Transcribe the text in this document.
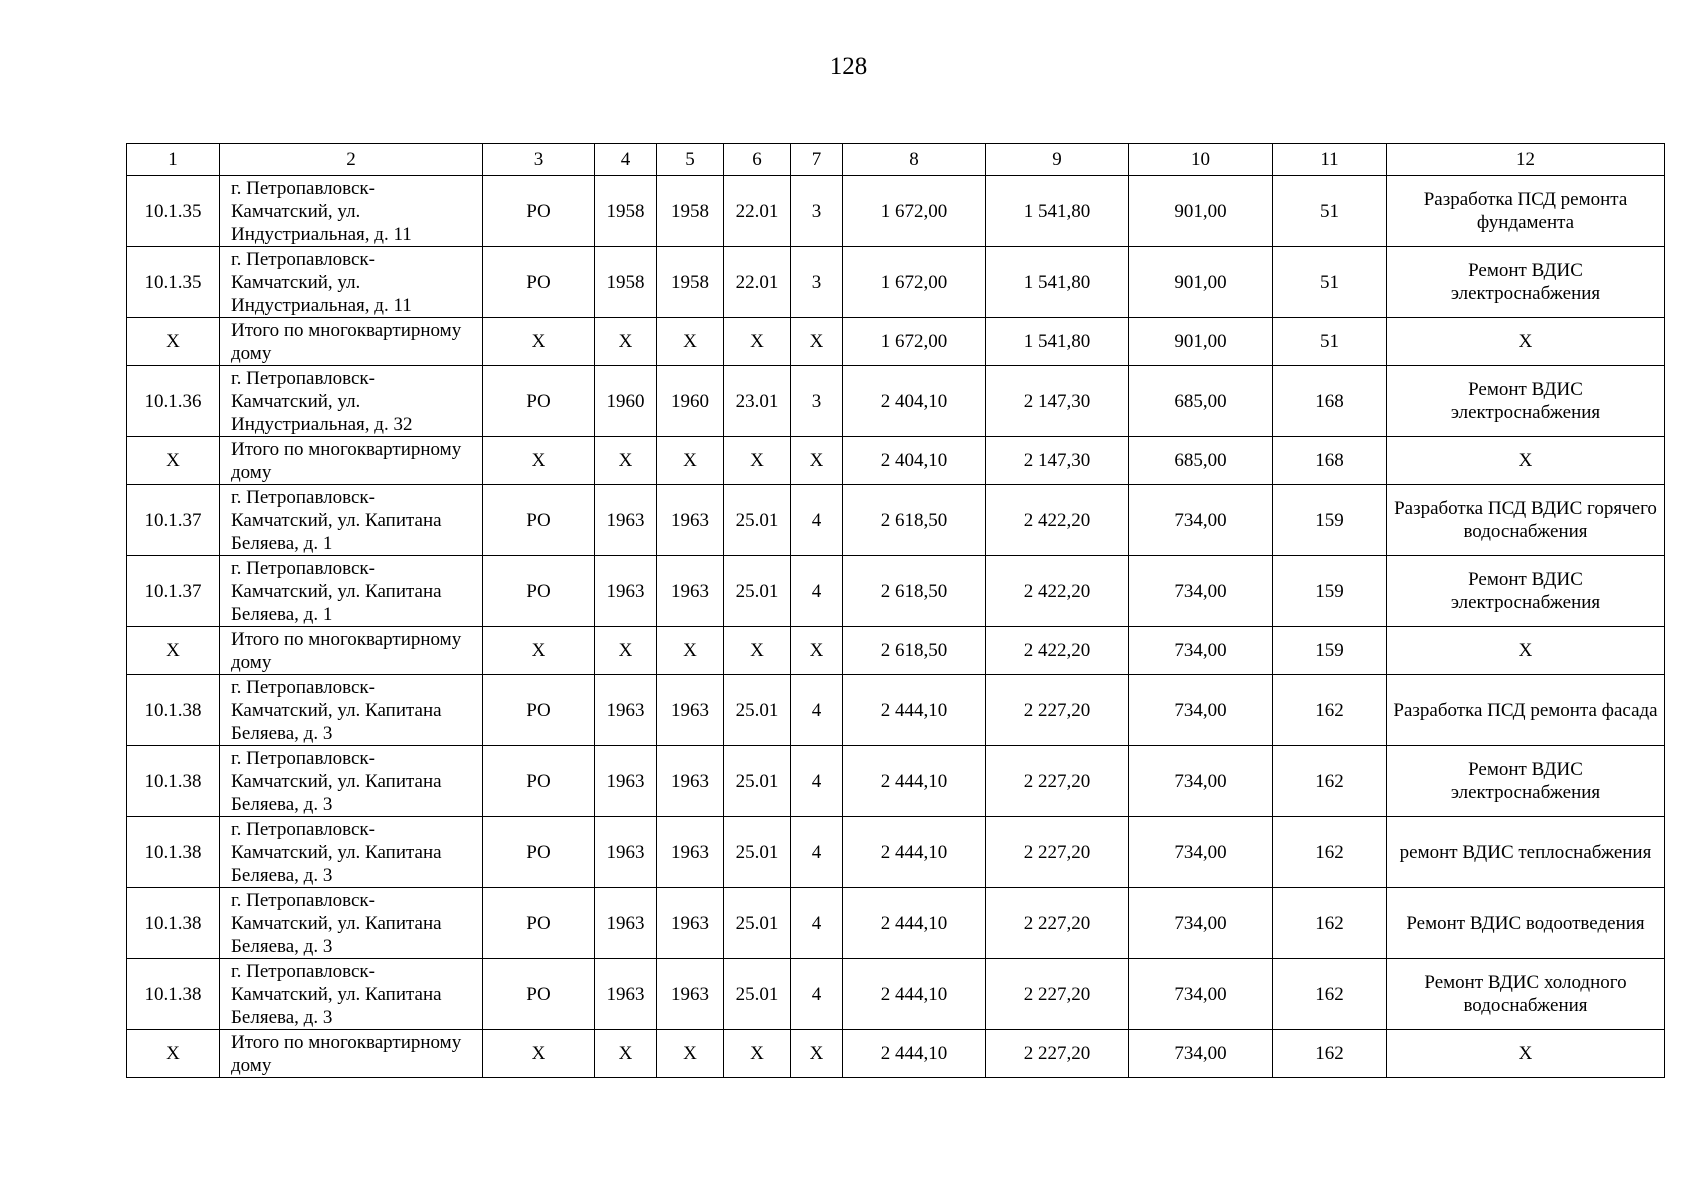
128
1	2	3	4	5	6	7	8	9	10	11	12
10.1.35	г. Петропавловск-Камчатский, ул. Индустриальная, д. 11	РО	1958	1958	22.01	3	1 672,00	1 541,80	901,00	51	Разработка ПСД ремонта фундамента
10.1.35	г. Петропавловск-Камчатский, ул. Индустриальная, д. 11	РО	1958	1958	22.01	3	1 672,00	1 541,80	901,00	51	Ремонт ВДИС электроснабжения
X	Итого по многоквартирному дому	X	X	X	X	X	1 672,00	1 541,80	901,00	51	X
10.1.36	г. Петропавловск-Камчатский, ул. Индустриальная, д. 32	РО	1960	1960	23.01	3	2 404,10	2 147,30	685,00	168	Ремонт ВДИС электроснабжения
X	Итого по многоквартирному дому	X	X	X	X	X	2 404,10	2 147,30	685,00	168	X
10.1.37	г. Петропавловск-Камчатский, ул. Капитана Беляева, д. 1	РО	1963	1963	25.01	4	2 618,50	2 422,20	734,00	159	Разработка ПСД ВДИС горячего водоснабжения
10.1.37	г. Петропавловск-Камчатский, ул. Капитана Беляева, д. 1	РО	1963	1963	25.01	4	2 618,50	2 422,20	734,00	159	Ремонт ВДИС электроснабжения
X	Итого по многоквартирному дому	X	X	X	X	X	2 618,50	2 422,20	734,00	159	X
10.1.38	г. Петропавловск-Камчатский, ул. Капитана Беляева, д. 3	РО	1963	1963	25.01	4	2 444,10	2 227,20	734,00	162	Разработка ПСД ремонта фасада
10.1.38	г. Петропавловск-Камчатский, ул. Капитана Беляева, д. 3	РО	1963	1963	25.01	4	2 444,10	2 227,20	734,00	162	Ремонт ВДИС электроснабжения
10.1.38	г. Петропавловск-Камчатский, ул. Капитана Беляева, д. 3	РО	1963	1963	25.01	4	2 444,10	2 227,20	734,00	162	ремонт ВДИС теплоснабжения
10.1.38	г. Петропавловск-Камчатский, ул. Капитана Беляева, д. 3	РО	1963	1963	25.01	4	2 444,10	2 227,20	734,00	162	Ремонт ВДИС водоотведения
10.1.38	г. Петропавловск-Камчатский, ул. Капитана Беляева, д. 3	РО	1963	1963	25.01	4	2 444,10	2 227,20	734,00	162	Ремонт ВДИС холодного водоснабжения
X	Итого по многоквартирному дому	X	X	X	X	X	2 444,10	2 227,20	734,00	162	X
